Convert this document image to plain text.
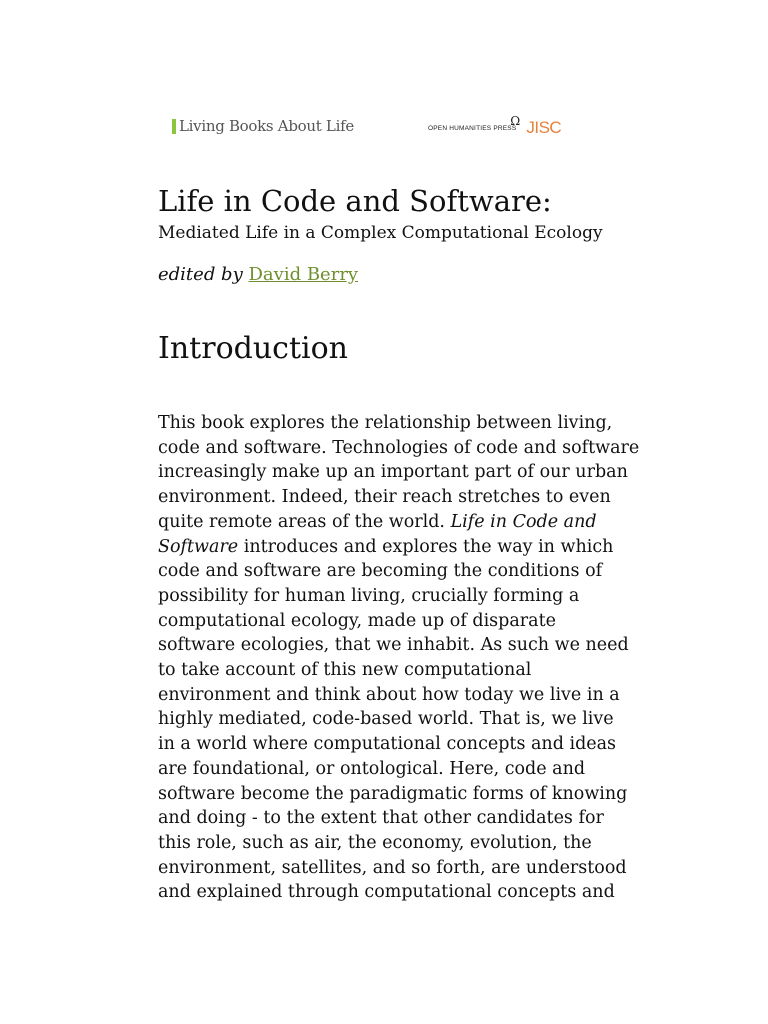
Living Books About Life	OPEN HUMANITIES PRESS
Ω JISC
Life in Code and Software:
Mediated Life in a Complex Computational Ecology
edited by David Berry
Introduction
This book explores the relationship between living,
code and software. Technologies of code and software
increasingly make up an important part of our urban
environment. Indeed, their reach stretches to even
quite remote areas of the world. Life in Code and
Software introduces and explores the way in which
code and software are becoming the conditions of
possibility for human living, crucially forming a
computational ecology, made up of disparate
software ecologies, that we inhabit. As such we need
to take account of this new computational
environment and think about how today we live in a
highly mediated, code-based world. That is, we live
in a world where computational concepts and ideas
are foundational, or ontological. Here, code and
software become the paradigmatic forms of knowing
and doing - to the extent that other candidates for
this role, such as air, the economy, evolution, the
environment, satellites, and so forth, are understood
and explained through computational concepts and
